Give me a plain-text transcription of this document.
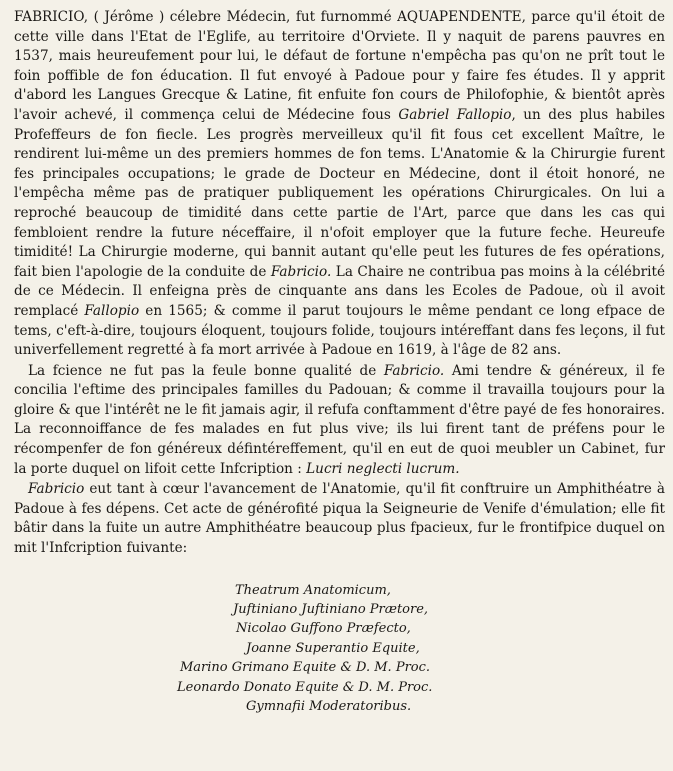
FABRICIO, ( Jérôme ) célebre Médecin, fut furnommé AQUAPENDENTE, parce qu'il étoit de cette ville dans l'Etat de l'Eglife, au territoire d'Orviete. Il y naquit de parens pauvres en 1537, mais heureufement pour lui, le défaut de fortune n'empêcha pas qu'on ne prît tout le foin poffible de fon éducation. Il fut envoyé à Padoue pour y faire fes études. Il y apprit d'abord les Langues Grecque & Latine, fit enfuite fon cours de Philofophie, & bientôt après l'avoir achevé, il commença celui de Médecine fous Gabriel Fallopio, un des plus habiles Profeffeurs de fon fiecle. Les progrès merveilleux qu'il fit fous cet excellent Maître, le rendirent lui-même un des premiers hommes de fon tems. L'Anatomie & la Chirurgie furent fes principales occupations; le grade de Docteur en Médecine, dont il étoit honoré, ne l'empêcha même pas de pratiquer publiquement les opérations Chirurgicales. On lui a reproché beaucoup de timidité dans cette partie de l'Art, parce que dans les cas qui fembloient rendre la future néceffaire, il n'ofoit employer que la future feche. Heureufe timidité! La Chirurgie moderne, qui bannit autant qu'elle peut les futures de fes opérations, fait bien l'apologie de la conduite de Fabricio. La Chaire ne contribua pas moins à la célébrité de ce Médecin. Il enfeigna près de cinquante ans dans les Ecoles de Padoue, où il avoit remplacé Fallopio en 1565; & comme il parut toujours le même pendant ce long efpace de tems, c'eft-à-dire, toujours éloquent, toujours folide, toujours intéreffant dans fes leçons, il fut univerfellement regretté à fa mort arrivée à Padoue en 1619, à l'âge de 82 ans.

La fcience ne fut pas la feule bonne qualité de Fabricio. Ami tendre & généreux, il fe concilia l'eftime des principales familles du Padouan; & comme il travailla toujours pour la gloire & que l'intérêt ne le fit jamais agir, il refufa conftamment d'être payé de fes honoraires. La reconnoiffance de fes malades en fut plus vive; ils lui firent tant de préfens pour le récompenfer de fon généreux défintéreffement, qu'il en eut de quoi meubler un Cabinet, fur la porte duquel on lifoit cette Infcription : Lucri neglecti lucrum.

Fabricio eut tant à cœur l'avancement de l'Anatomie, qu'il fit conftruire un Amphithéatre à Padoue à fes dépens. Cet acte de générofité piqua la Seigneurie de Venife d'émulation; elle fit bâtir dans la fuite un autre Amphithéatre beaucoup plus fpacieux, fur le frontifpice duquel on mit l'Infcription fuivante:

Theatrum Anatomicum,
Juftiniano Juftiniano Prætore,
Nicolao Guffono Præfecto,
Joanne Superantio Equite,
Marino Grimano Equite & D. M. Proc.
Leonardo Donato Equite & D. M. Proc.
Gymnafii Moderatoribus.
